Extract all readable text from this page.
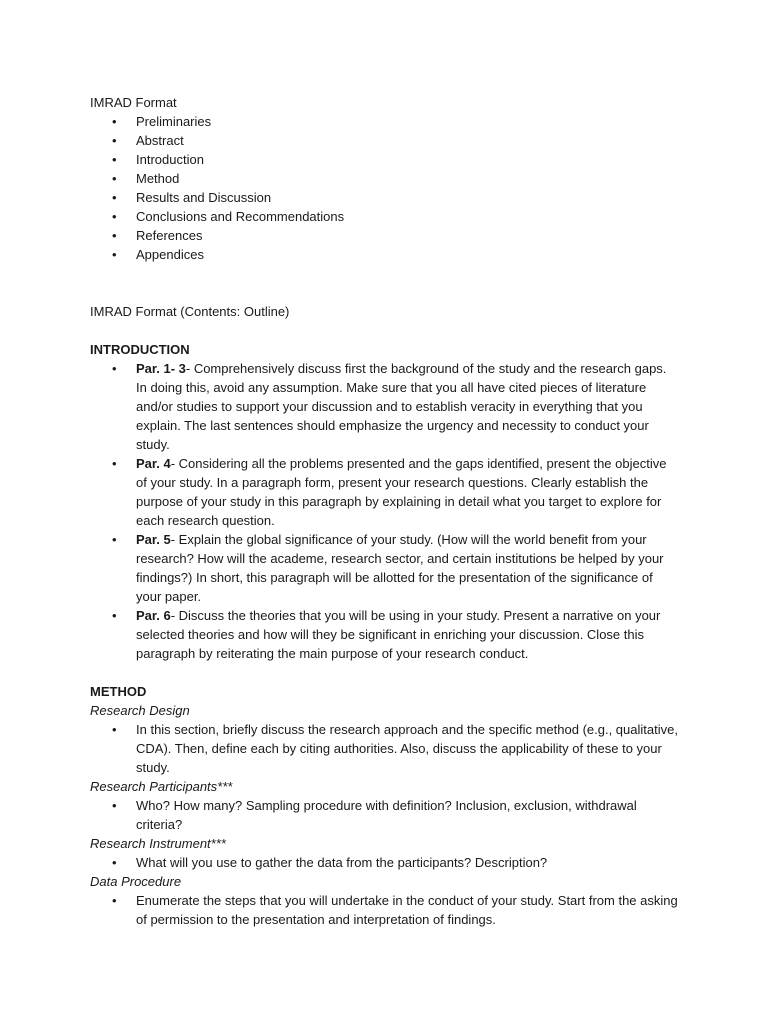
IMRAD Format

• Preliminaries
• Abstract
• Introduction
• Method
• Results and Discussion
• Conclusions and Recommendations
• References
• Appendices

IMRAD Format (Contents: Outline)

INTRODUCTION

• Par. 1- 3- Comprehensively discuss first the background of the study and the research gaps. In doing this, avoid any assumption. Make sure that you all have cited pieces of literature and/or studies to support your discussion and to establish veracity in everything that you explain. The last sentences should emphasize the urgency and necessity to conduct your study.
• Par. 4- Considering all the problems presented and the gaps identified, present the objective of your study. In a paragraph form, present your research questions. Clearly establish the purpose of your study in this paragraph by explaining in detail what you target to explore for each research question.
• Par. 5- Explain the global significance of your study. (How will the world benefit from your research? How will the academe, research sector, and certain institutions be helped by your findings?) In short, this paragraph will be allotted for the presentation of the significance of your paper.
• Par. 6- Discuss the theories that you will be using in your study. Present a narrative on your selected theories and how will they be significant in enriching your discussion. Close this paragraph by reiterating the main purpose of your research conduct.

METHOD

Research Design

• In this section, briefly discuss the research approach and the specific method (e.g., qualitative, CDA). Then, define each by citing authorities. Also, discuss the applicability of these to your study.

Research Participants***

• Who? How many? Sampling procedure with definition? Inclusion, exclusion, withdrawal criteria?

Research Instrument***

• What will you use to gather the data from the participants? Description?

Data Procedure

• Enumerate the steps that you will undertake in the conduct of your study. Start from the asking of permission to the presentation and interpretation of findings.
